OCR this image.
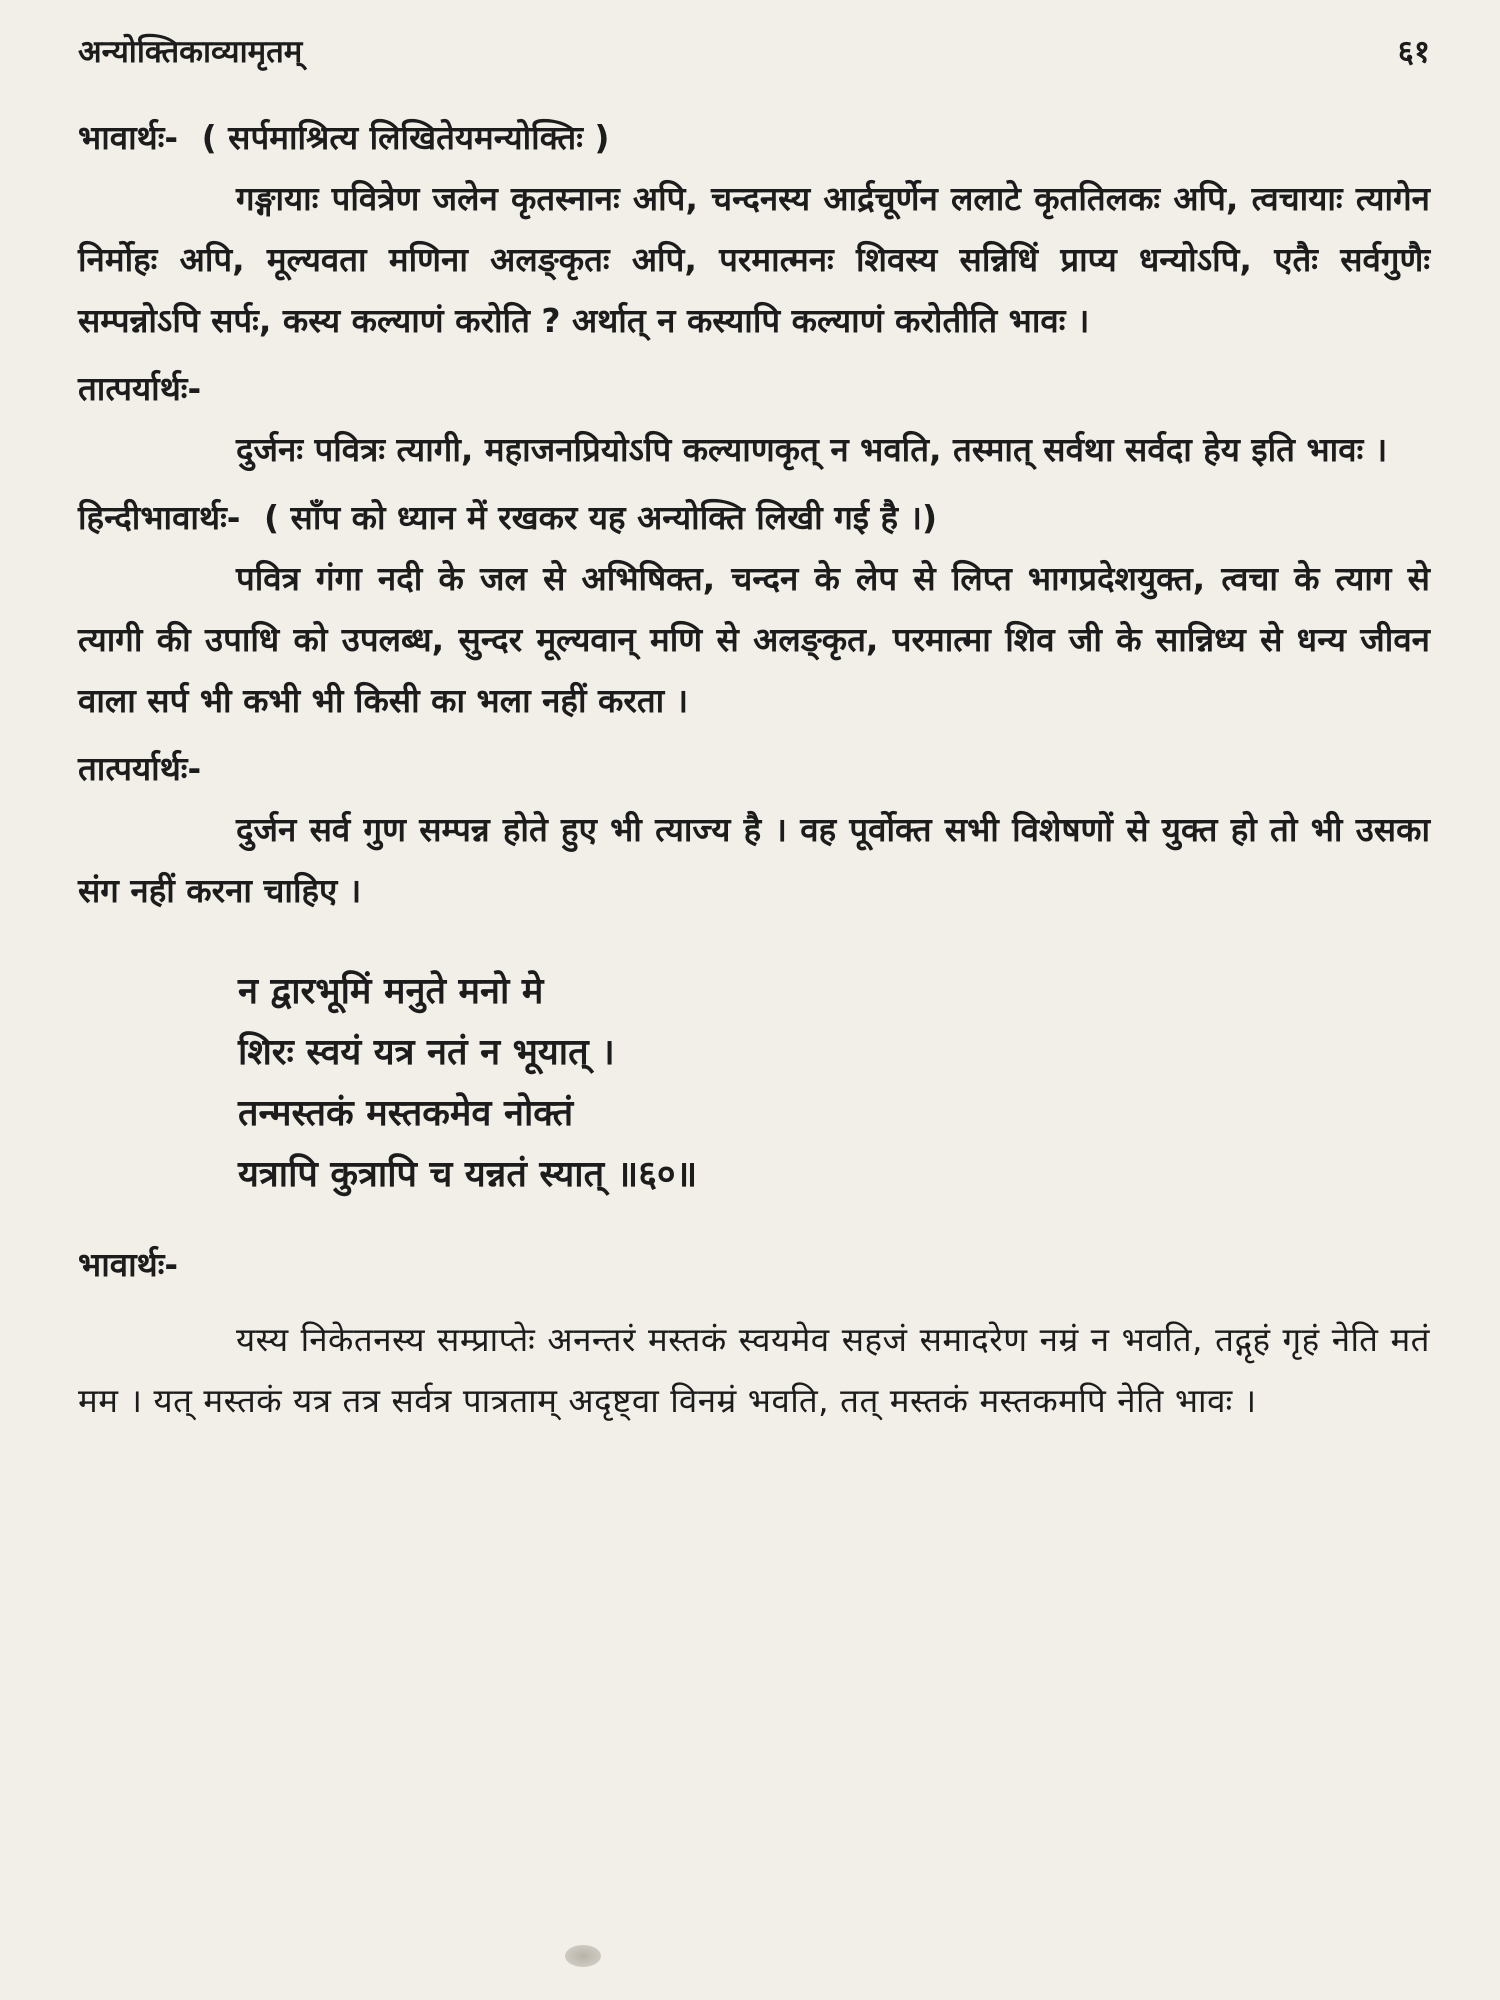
अन्योक्तिकाव्यामृतम्	६१
भावार्थः- ( सर्पमाश्रित्य लिखितेयमन्योक्तिः )

गङ्गायाः पवित्रेण जलेन कृतस्नानः अपि, चन्दनस्य आर्द्रचूर्णेन ललाटे कृततिलकः अपि, त्वचायाः त्यागेन निर्मोहः अपि, मूल्यवता मणिना अलङ्कृतः अपि, परमात्मनः शिवस्य सन्निधिं प्राप्य धन्योऽपि, एतैः सर्वगुणैः सम्पन्नोऽपि सर्पः, कस्य कल्याणं करोति ? अर्थात् न कस्यापि कल्याणं करोतीति भावः ।

तात्पर्यार्थः-

दुर्जनः पवित्रः त्यागी, महाजनप्रियोऽपि कल्याणकृत् न भवति, तस्मात् सर्वथा सर्वदा हेय इति भावः ।

हिन्दीभावार्थः- ( साँप को ध्यान में रखकर यह अन्योक्ति लिखी गई है ।)

पवित्र गंगा नदी के जल से अभिषिक्त, चन्दन के लेप से लिप्त भागप्रदेशयुक्त, त्वचा के त्याग से त्यागी की उपाधि को उपलब्ध, सुन्दर मूल्यवान् मणि से अलङ्कृत, परमात्मा शिव जी के सान्निध्य से धन्य जीवन वाला सर्प भी कभी भी किसी का भला नहीं करता ।

तात्पर्यार्थः-

दुर्जन सर्व गुण सम्पन्न होते हुए भी त्याज्य है । वह पूर्वोक्त सभी विशेषणों से युक्त हो तो भी उसका संग नहीं करना चाहिए ।

न द्वारभूमिं मनुते मनो मे
शिरः स्वयं यत्र नतं न भूयात् ।
तन्मस्तकं मस्तकमेव नोक्तं
यत्रापि कुत्रापि च यन्नतं स्यात् ॥६०॥
भावार्थः-

यस्य निकेतनस्य सम्प्राप्तेः अनन्तरं मस्तकं स्वयमेव सहजं समादरेण नम्रं न भवति, तद्गृहं गृहं नेति मतं मम । यत् मस्तकं यत्र तत्र सर्वत्र पात्रताम् अदृष्ट्वा विनम्रं भवति, तत् मस्तकं मस्तकमपि नेति भावः ।
